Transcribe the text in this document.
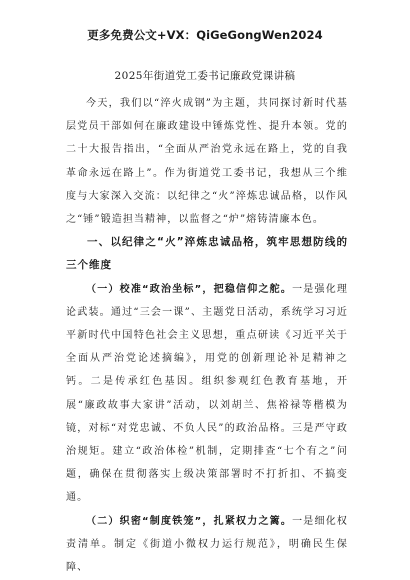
更多免费公文+VX：QiGeGongWen2024
2025年街道党工委书记廉政党课讲稿

今天，我们以“淬火成钢”为主题，共同探讨新时代基层党员干部如何在廉政建设中锤炼党性、提升本领。党的二十大报告指出，“全面从严治党永远在路上，党的自我革命永远在路上”。作为街道党工委书记，我想从三个维度与大家深入交流：以纪律之“火”淬炼忠诚品格，以作风之“锤”锻造担当精神，以监督之“炉”熔铸清廉本色。

一、以纪律之“火”淬炼忠诚品格，筑牢思想防线的三个维度

（一）校准“政治坐标”，把稳信仰之舵。一是强化理论武装。通过“三会一课”、主题党日活动，系统学习习近平新时代中国特色社会主义思想，重点研读《习近平关于全面从严治党论述摘编》，用党的创新理论补足精神之钙。二是传承红色基因。组织参观红色教育基地，开展“廉政故事大家讲”活动，以刘胡兰、焦裕禄等楷模为镜，对标“对党忠诚、不负人民”的政治品格。三是严守政治规矩。建立“政治体检”机制，定期排查“七个有之”问题，确保在贯彻落实上级决策部署时不打折扣、不搞变通。

（二）织密“制度铁笼”，扎紧权力之篱。一是细化权责清单。制定《街道小微权力运行规范》，明确民生保障、
